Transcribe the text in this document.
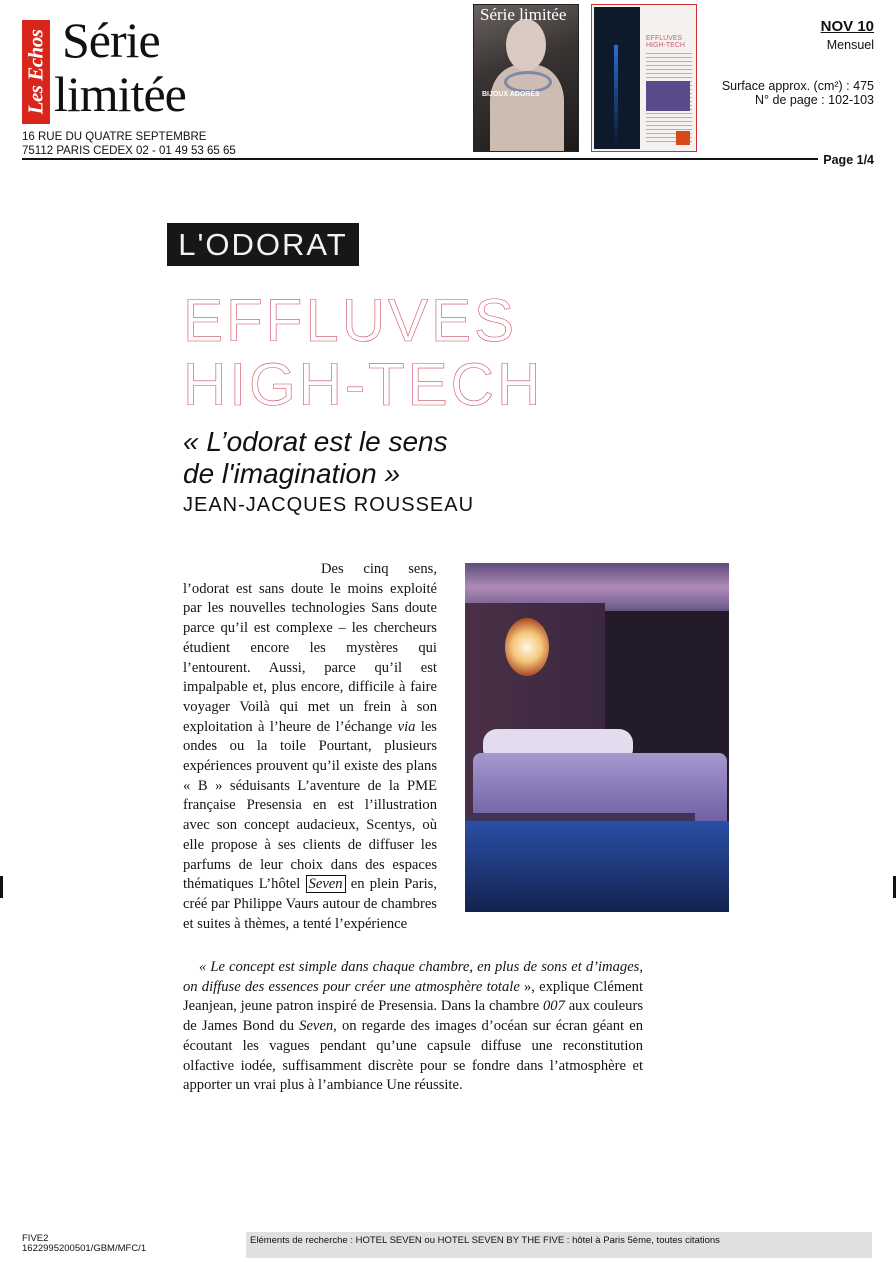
Les Echos Série
limitée
16 RUE DU QUATRE SEPTEMBRE
75112 PARIS CEDEX 02 - 01 49 53 65 65
Série limitée
BIJOUX ADORÉS
EFFLUVES HIGH-TECH
NOV 10
Mensuel
Surface approx. (cm²) : 475
N° de page : 102-103
Page 1/4
L'ODORAT
EFFLUVES
HIGH-TECH
« L’odorat est le sens
de l'imagination »
JEAN-JACQUES ROUSSEAU

Des cinq sens, l’odorat est sans doute le moins exploité par les nouvelles technologies Sans doute parce qu’il est complexe – les chercheurs étudient encore les mystères qui l’entourent. Aussi, parce qu’il est impalpable et, plus encore, difficile à faire voyager Voilà qui met un frein à son exploitation à l’heure de l’échange via les ondes ou la toile Pourtant, plusieurs expériences prouvent qu’il existe des plans « B » séduisants L’aventure de la PME française Presensia en est l’illustration avec son concept audacieux, Scentys, où elle propose à ses clients de diffuser les parfums de leur choix dans des espaces thématiques L’hôtel Seven en plein Paris, créé par Philippe Vaurs autour de chambres et suites à thèmes, a tenté l’expérience

« Le concept est simple dans chaque chambre, en plus de sons et d’images, on diffuse des essences pour créer une atmosphère totale », explique Clément Jeanjean, jeune patron inspiré de Presensia. Dans la chambre 007 aux couleurs de James Bond du Seven, on regarde des images d’océan sur écran géant en écoutant les vagues pendant qu’une capsule diffuse une reconstitution olfactive iodée, suffisamment discrète pour se fondre dans l’atmosphère et apporter un vrai plus à l’ambiance Une réussite.

FIVE2
1622995200501/GBM/MFC/1
Eléments de recherche : HOTEL SEVEN ou HOTEL SEVEN BY THE FIVE : hôtel à Paris 5ème, toutes citations
